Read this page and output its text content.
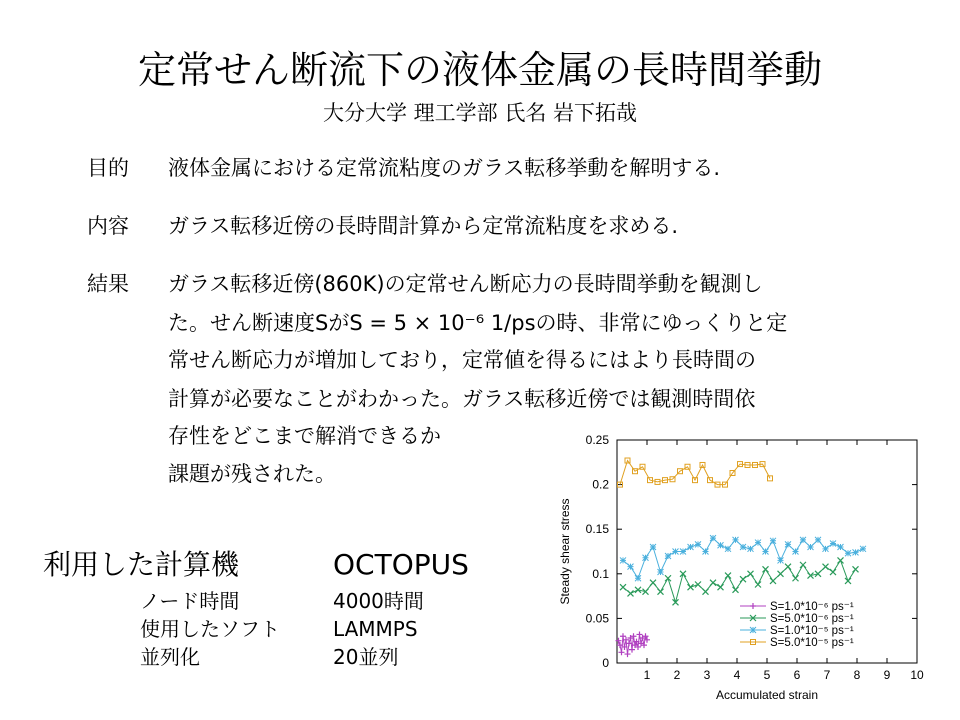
定常せん断流下の液体金属の長時間挙動
大分大学 理工学部 氏名 岩下拓哉
目的 液体金属における定常流粘度のガラス転移挙動を解明する.
内容 ガラス転移近傍の長時間計算から定常流粘度を求める.
結果 ガラス転移近傍(860K)の定常せん断応力の長時間挙動を観測し
た。せん断速度SがS = 5 × 10⁻⁶ 1/psの時、非常にゆっくりと定
常せん断応力が増加しており，定常値を得るにはより長時間の
計算が必要なことがわかった。ガラス転移近傍では観測時間依
存性をどこまで解消できるか
課題が残された。
利用した計算機	OCTOPUS
ノード時間	4000時間
使用したソフト	LAMMPS
並列化	20並列
1 2 3 4 5 6 7 8 9 10
0
0.05
0.1
0.15
0.2
0.25
Accumulated strain
Steady shear stress
S=1.0*10⁻⁶ ps⁻¹
S=5.0*10⁻⁶ ps⁻¹
S=1.0*10⁻⁵ ps⁻¹
S=5.0*10⁻⁵ ps⁻¹
